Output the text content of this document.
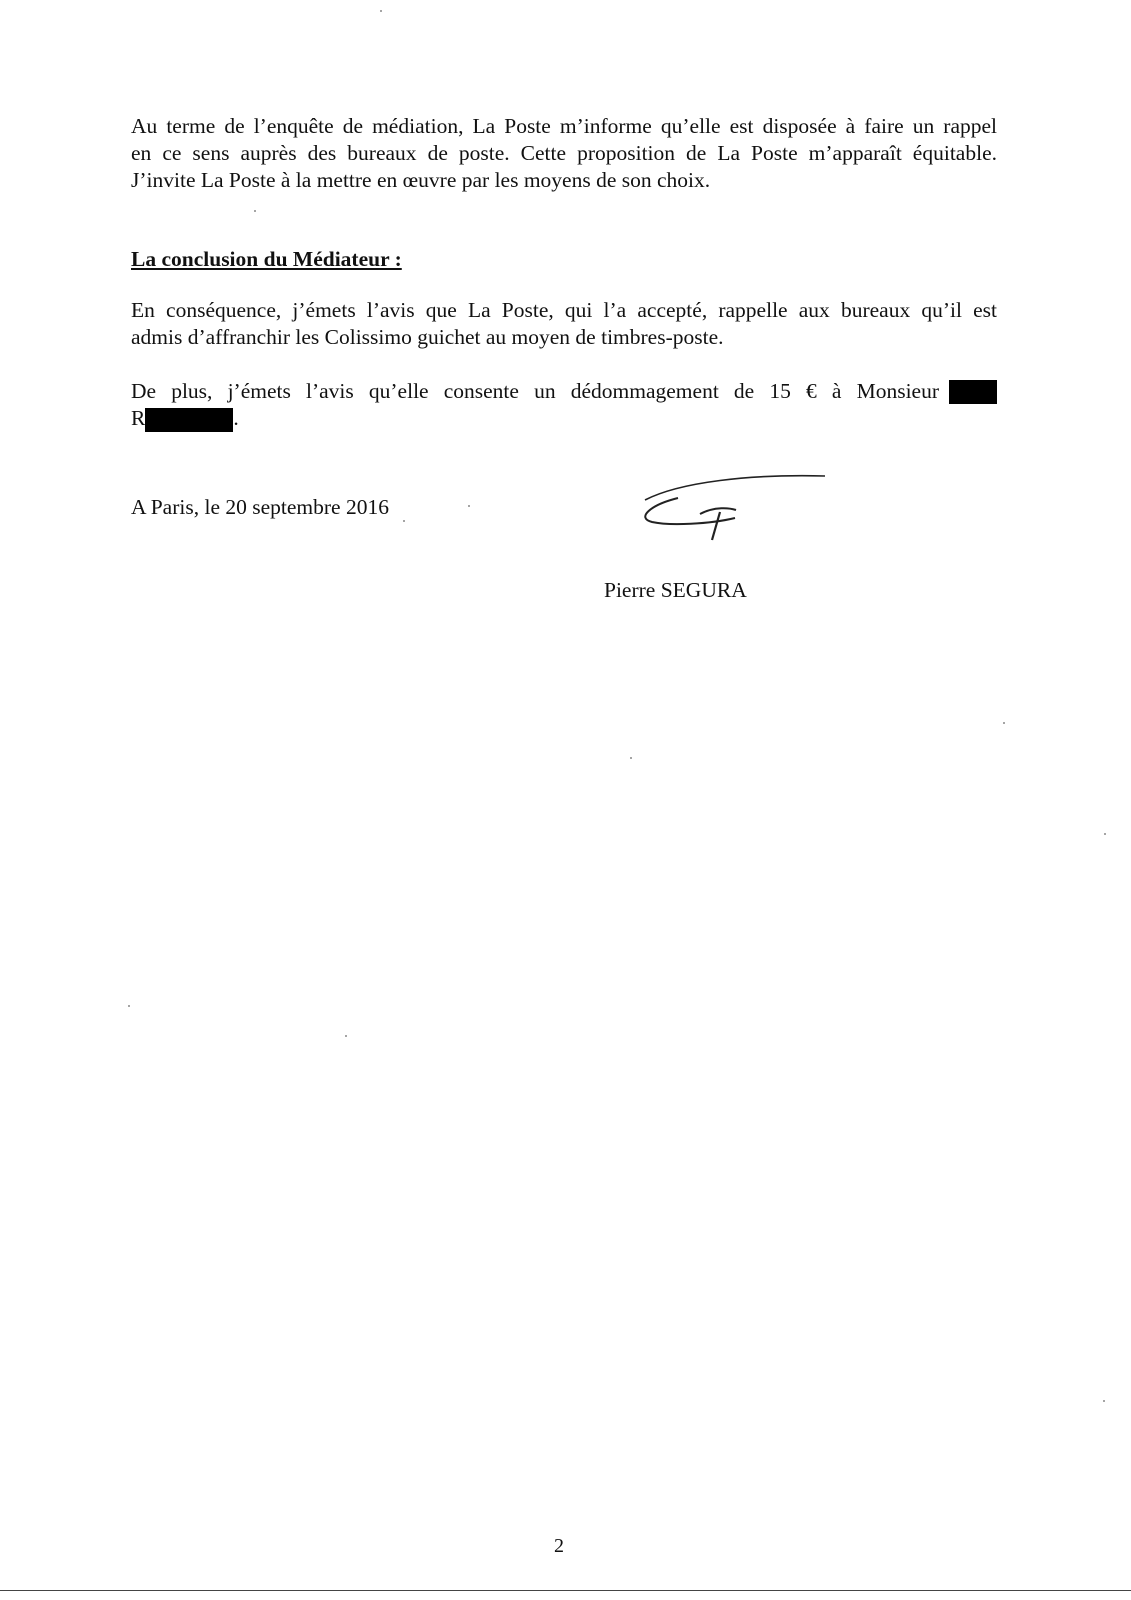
Au terme de l’enquête de médiation, La Poste m’informe qu’elle est disposée à faire un rappel
en ce sens auprès des bureaux de poste. Cette proposition de La Poste m’apparaît équitable.
J’invite La Poste à la mettre en œuvre par les moyens de son choix.

La conclusion du Médiateur :

En conséquence, j’émets l’avis que La Poste, qui l’a accepté, rappelle aux bureaux qu’il est
admis d’affranchir les Colissimo guichet au moyen de timbres-poste.

De plus, j’émets l’avis qu’elle consente un dédommagement de 15 € à Monsieur
R	.

A Paris, le 20 septembre 2016
Pierre SEGURA
2
